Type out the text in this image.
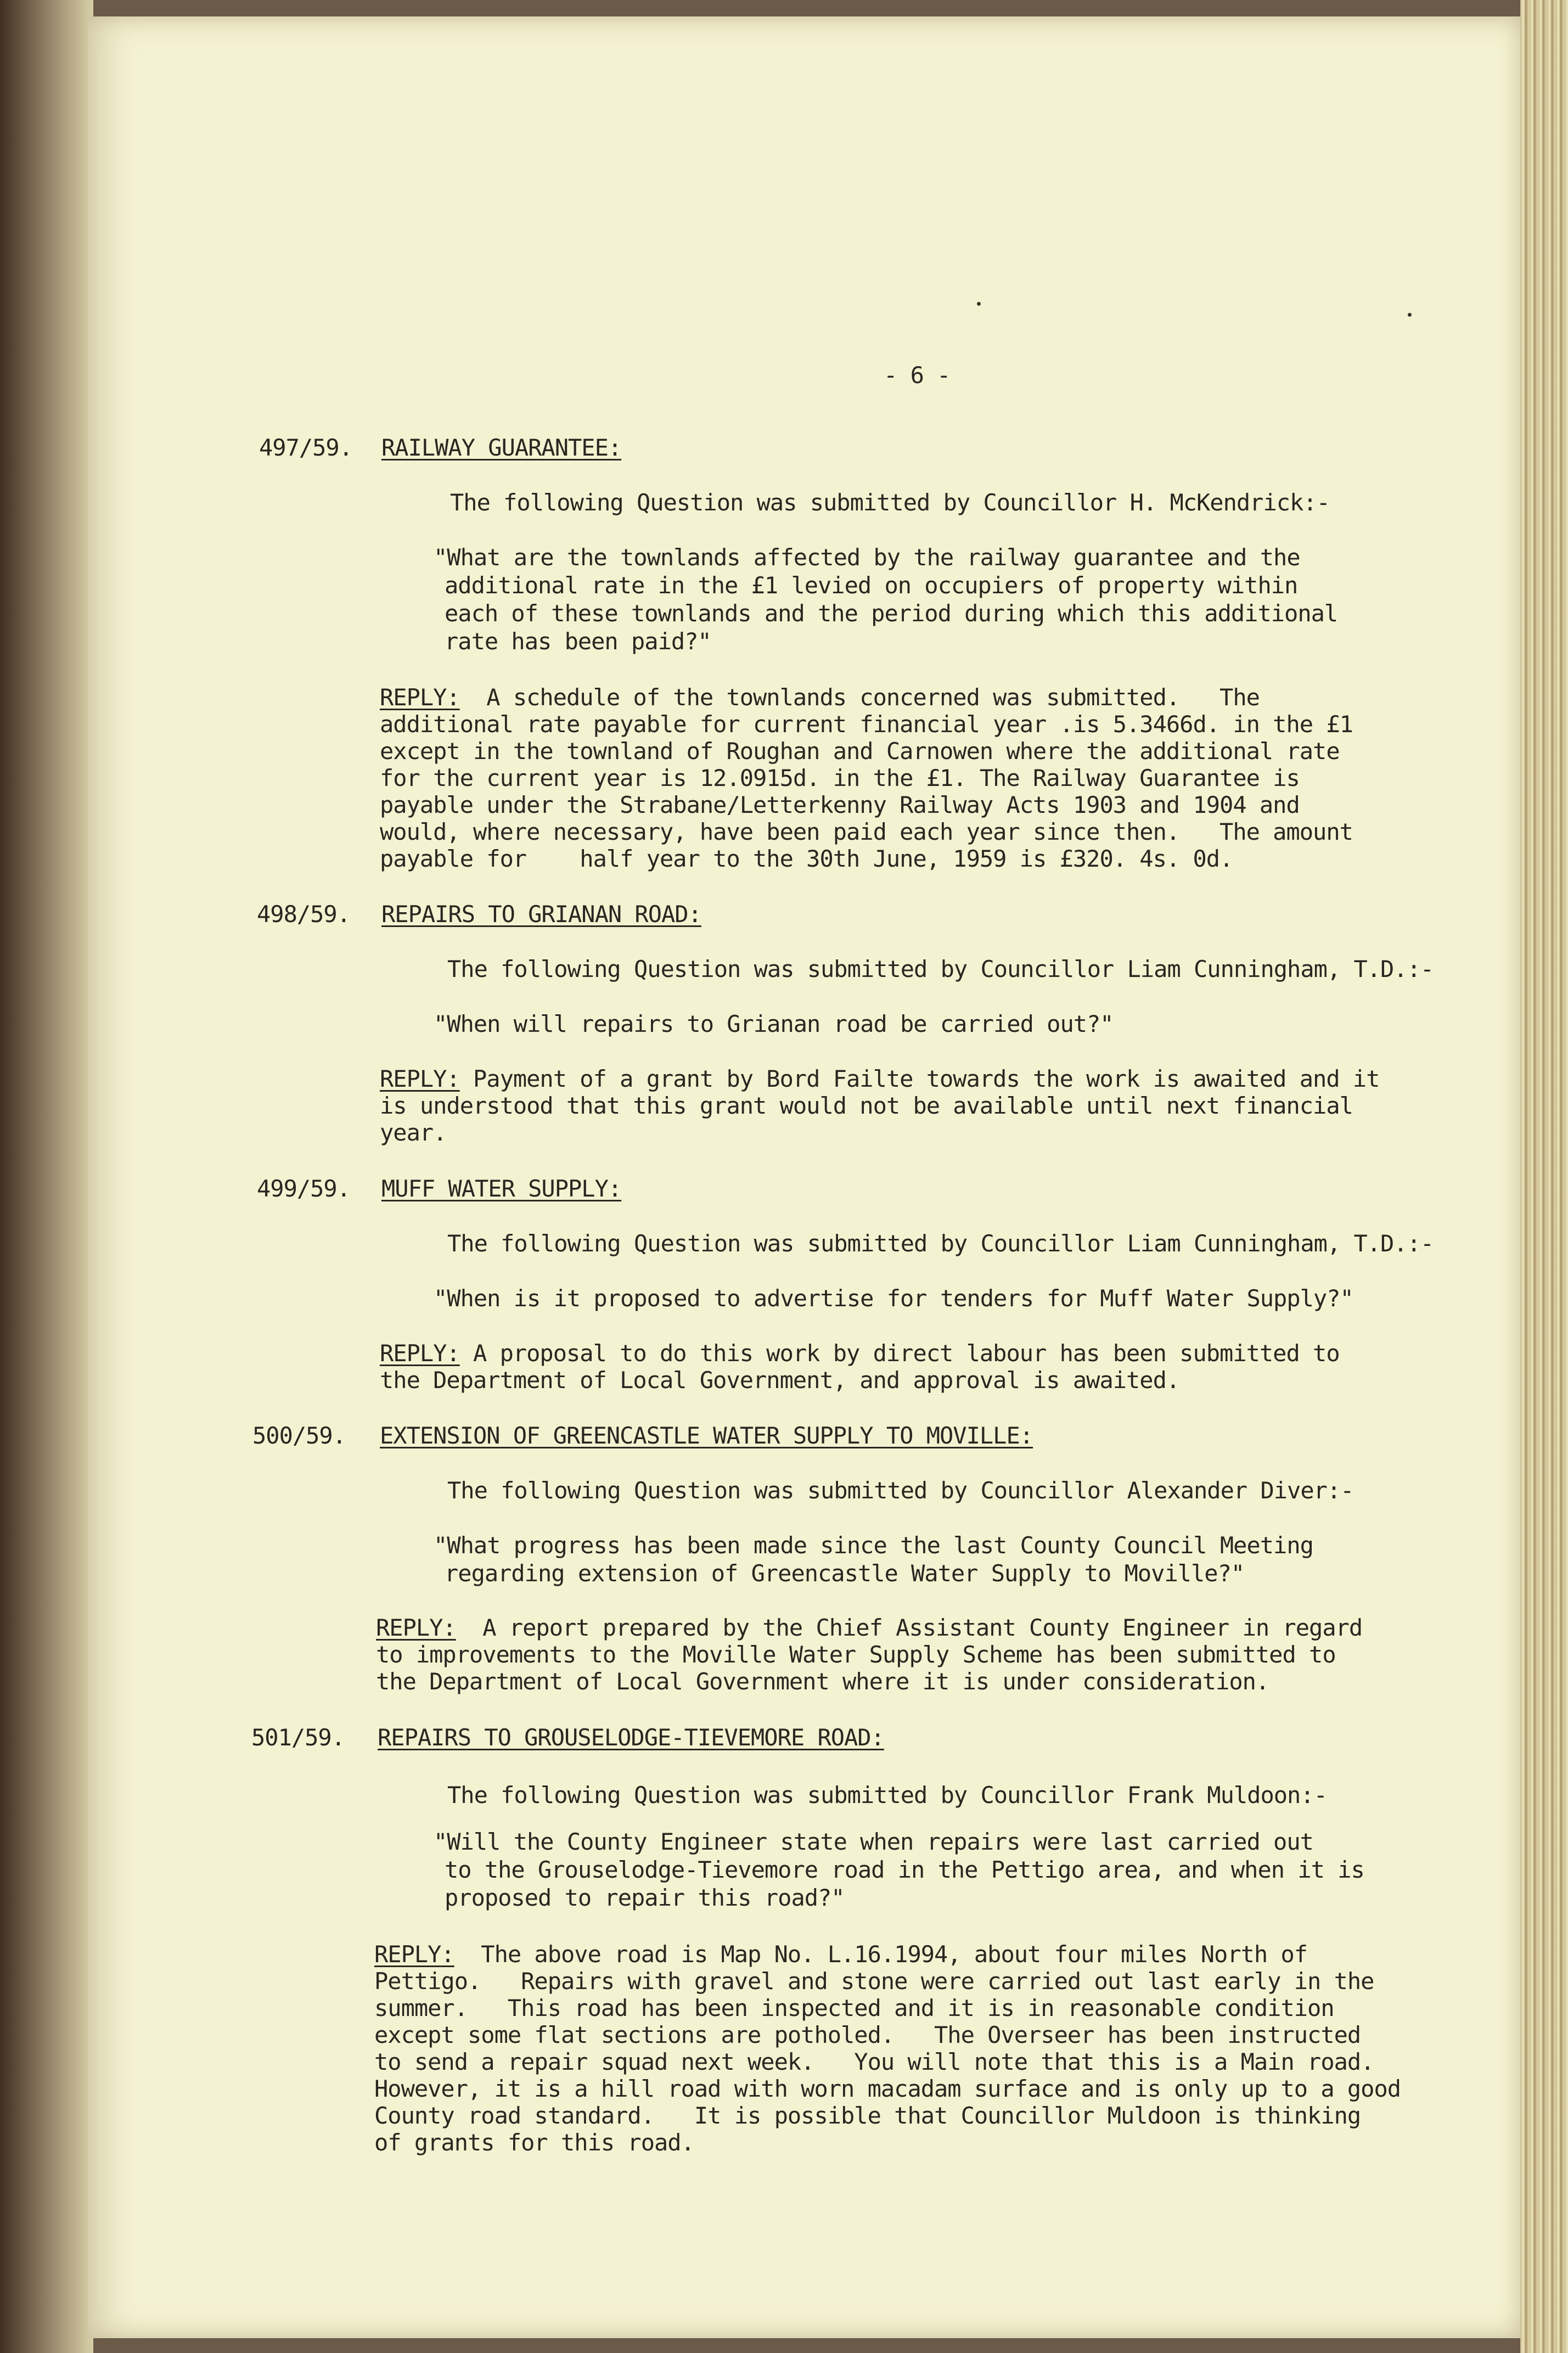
- 6 -
497/59. RAILWAY GUARANTEE:
The following Question was submitted by Councillor H. McKendrick:-
"What are the townlands affected by the railway guarantee and the
additional rate in the £1 levied on occupiers of property within
each of these townlands and the period during which this additional
rate has been paid?"
REPLY:  A schedule of the townlands concerned was submitted.   The
additional rate payable for current financial year .is 5.3466d. in the £1
except in the townland of Roughan and Carnowen where the additional rate
for the current year is 12.0915d. in the £1. The Railway Guarantee is
payable under the Strabane/Letterkenny Railway Acts 1903 and 1904 and
would, where necessary, have been paid each year since then.   The amount
payable for    half year to the 30th June, 1959 is £320. 4s. 0d.
498/59. REPAIRS TO GRIANAN ROAD:
The following Question was submitted by Councillor Liam Cunningham, T.D.:-
"When will repairs to Grianan road be carried out?"
REPLY: Payment of a grant by Bord Failte towards the work is awaited and it
is understood that this grant would not be available until next financial
year.
499/59. MUFF WATER SUPPLY:
The following Question was submitted by Councillor Liam Cunningham, T.D.:-
"When is it proposed to advertise for tenders for Muff Water Supply?"
REPLY: A proposal to do this work by direct labour has been submitted to
the Department of Local Government, and approval is awaited.
500/59. EXTENSION OF GREENCASTLE WATER SUPPLY TO MOVILLE:
The following Question was submitted by Councillor Alexander Diver:-
"What progress has been made since the last County Council Meeting
regarding extension of Greencastle Water Supply to Moville?"
REPLY:  A report prepared by the Chief Assistant County Engineer in regard
to improvements to the Moville Water Supply Scheme has been submitted to
the Department of Local Government where it is under consideration.
501/59. REPAIRS TO GROUSELODGE-TIEVEMORE ROAD:
The following Question was submitted by Councillor Frank Muldoon:-
"Will the County Engineer state when repairs were last carried out
to the Grouselodge-Tievemore road in the Pettigo area, and when it is
proposed to repair this road?"
REPLY:  The above road is Map No. L.16.1994, about four miles North of
Pettigo.   Repairs with gravel and stone were carried out last early in the
summer.   This road has been inspected and it is in reasonable condition
except some flat sections are potholed.   The Overseer has been instructed
to send a repair squad next week.   You will note that this is a Main road.
However, it is a hill road with worn macadam surface and is only up to a good
County road standard.   It is possible that Councillor Muldoon is thinking
of grants for this road.
